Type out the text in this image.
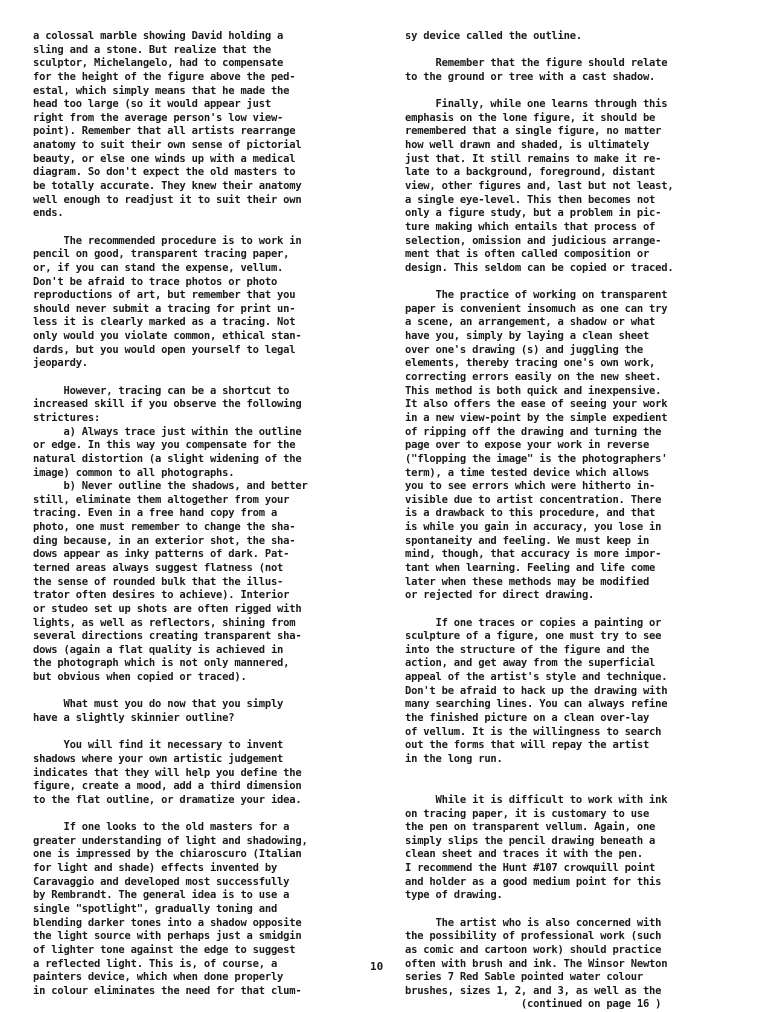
a colossal marble showing David holding a
sling and a stone. But realize that the
sculptor, Michelangelo, had to compensate
for the height of the figure above the ped-
estal, which simply means that he made the
head too large (so it would appear just
right from the average person's low view-
point). Remember that all artists rearrange
anatomy to suit their own sense of pictorial
beauty, or else one winds up with a medical
diagram. So don't expect the old masters to
be totally accurate. They knew their anatomy
well enough to readjust it to suit their own
ends.
The recommended procedure is to work in
pencil on good, transparent tracing paper,
or, if you can stand the expense, vellum.
Don't be afraid to trace photos or photo
reproductions of art, but remember that you
should never submit a tracing for print un-
less it is clearly marked as a tracing. Not
only would you violate common, ethical stan-
dards, but you would open yourself to legal
jeopardy.
However, tracing can be a shortcut to
increased skill if you observe the following
strictures:
a) Always trace just within the outline
or edge. In this way you compensate for the
natural distortion (a slight widening of the
image) common to all photographs.
b) Never outline the shadows, and better
still, eliminate them altogether from your
tracing. Even in a free hand copy from a
photo, one must remember to change the sha-
ding because, in an exterior shot, the sha-
dows appear as inky patterns of dark. Pat-
terned areas always suggest flatness (not
the sense of rounded bulk that the illus-
trator often desires to achieve). Interior
or studeo set up shots are often rigged with
lights, as well as reflectors, shining from
several directions creating transparent sha-
dows (again a flat quality is achieved in
the photograph which is not only mannered,
but obvious when copied or traced).
What must you do now that you simply
have a slightly skinnier outline?
You will find it necessary to invent
shadows where your own artistic judgement
indicates that they will help you define the
figure, create a mood, add a third dimension
to the flat outline, or dramatize your idea.
If one looks to the old masters for a
greater understanding of light and shadowing,
one is impressed by the chiaroscuro (Italian
for light and shade) effects invented by
Caravaggio and developed most successfully
by Rembrandt. The general idea is to use a
single "spotlight", gradually toning and
blending darker tones into a shadow opposite
the light source with perhaps just a smidgin
of lighter tone against the edge to suggest
a reflected light. This is, of course, a
painters device, which when done properly
in colour eliminates the need for that clum-
sy device called the outline.
Remember that the figure should relate
to the ground or tree with a cast shadow.
Finally, while one learns through this
emphasis on the lone figure, it should be
remembered that a single figure, no matter
how well drawn and shaded, is ultimately
just that. It still remains to make it re-
late to a background, foreground, distant
view, other figures and, last but not least,
a single eye-level. This then becomes not
only a figure study, but a problem in pic-
ture making which entails that process of
selection, omission and judicious arrange-
ment that is often called composition or
design. This seldom can be copied or traced.
The practice of working on transparent
paper is convenient insomuch as one can try
a scene, an arrangement, a shadow or what
have you, simply by laying a clean sheet
over one's drawing (s) and juggling the
elements, thereby tracing one's own work,
correcting errors easily on the new sheet.
This method is both quick and inexpensive.
It also offers the ease of seeing your work
in a new view-point by the simple expedient
of ripping off the drawing and turning the
page over to expose your work in reverse
("flopping the image" is the photographers'
term), a time tested device which allows
you to see errors which were hitherto in-
visible due to artist concentration. There
is a drawback to this procedure, and that
is while you gain in accuracy, you lose in
spontaneity and feeling. We must keep in
mind, though, that accuracy is more impor-
tant when learning. Feeling and life come
later when these methods may be modified
or rejected for direct drawing.
If one traces or copies a painting or
sculpture of a figure, one must try to see
into the structure of the figure and the
action, and get away from the superficial
appeal of the artist's style and technique.
Don't be afraid to hack up the drawing with
many searching lines. You can always refine
the finished picture on a clean over-lay
of vellum. It is the willingness to search
out the forms that will repay the artist
in the long run.
While it is difficult to work with ink
on tracing paper, it is customary to use
the pen on transparent vellum. Again, one
simply slips the pencil drawing beneath a
clean sheet and traces it with the pen.
I recommend the Hunt #107 crowquill point
and holder as a good medium point for this
type of drawing.
The artist who is also concerned with
the possibility of professional work (such
as comic and cartoon work) should practice
often with brush and ink. The Winsor Newton
series 7 Red Sable pointed water colour
brushes, sizes 1, 2, and 3, as well as the
(continued on page 16 )
10
